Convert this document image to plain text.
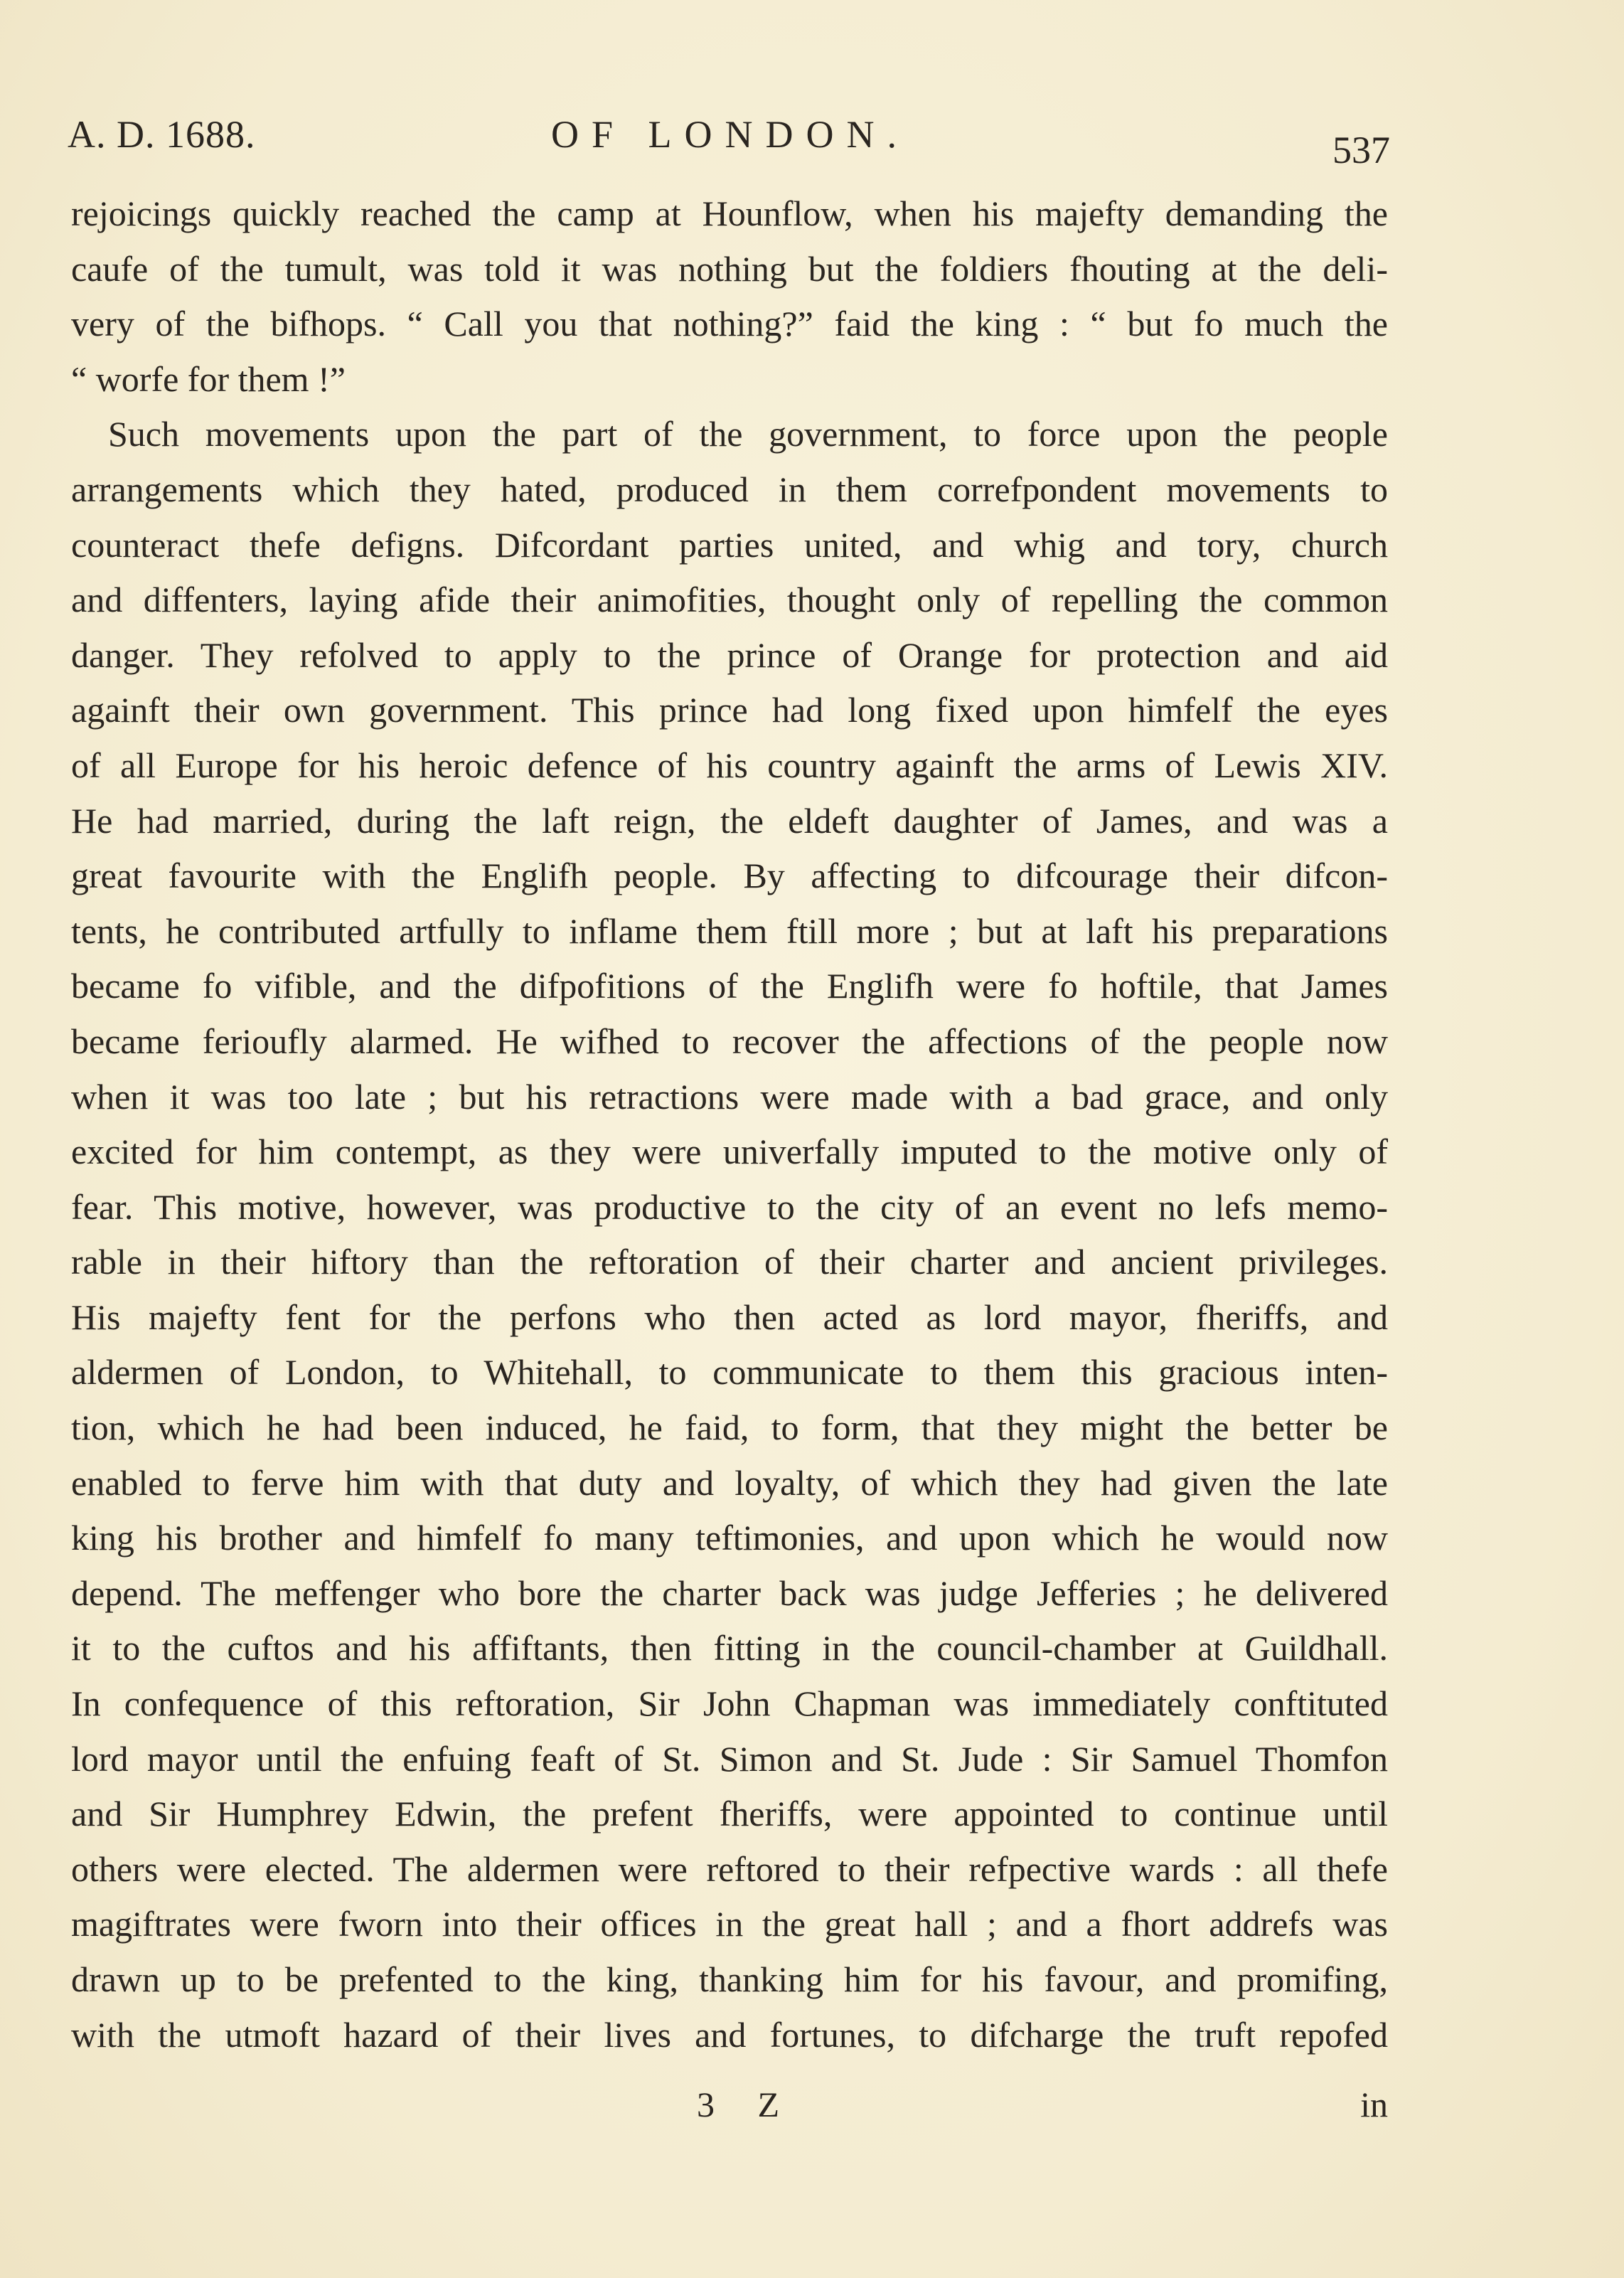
A. D. 1688.	OF LONDON.	537
rejoicings quickly reached the camp at Hounflow, when his majefty demanding the
caufe of the tumult, was told it was nothing but the foldiers fhouting at the deli-
very of the bifhops. “ Call you that nothing?” faid the king : “ but fo much the
“ worfe for them !”
Such movements upon the part of the government, to force upon the people
arrangements which they hated, produced in them correfpondent movements to
counteract thefe defigns. Difcordant parties united, and whig and tory, church
and diffenters, laying afide their animofities, thought only of repelling the common
danger. They refolved to apply to the prince of Orange for protection and aid
againft their own government. This prince had long fixed upon himfelf the eyes
of all Europe for his heroic defence of his country againft the arms of Lewis XIV.
He had married, during the laft reign, the eldeft daughter of James, and was a
great favourite with the Englifh people. By affecting to difcourage their difcon-
tents, he contributed artfully to inflame them ftill more ; but at laft his preparations
became fo vifible, and the difpofitions of the Englifh were fo hoftile, that James
became ferioufly alarmed. He wifhed to recover the affections of the people now
when it was too late ; but his retractions were made with a bad grace, and only
excited for him contempt, as they were univerfally imputed to the motive only of
fear. This motive, however, was productive to the city of an event no lefs memo-
rable in their hiftory than the reftoration of their charter and ancient privileges.
His majefty fent for the perfons who then acted as lord mayor, fheriffs, and
aldermen of London, to Whitehall, to communicate to them this gracious inten-
tion, which he had been induced, he faid, to form, that they might the better be
enabled to ferve him with that duty and loyalty, of which they had given the late
king his brother and himfelf fo many teftimonies, and upon which he would now
depend. The meffenger who bore the charter back was judge Jefferies ; he delivered
it to the cuftos and his affiftants, then fitting in the council-chamber at Guildhall.
In confequence of this reftoration, Sir John Chapman was immediately conftituted
lord mayor until the enfuing feaft of St. Simon and St. Jude : Sir Samuel Thomfon
and Sir Humphrey Edwin, the prefent fheriffs, were appointed to continue until
others were elected. The aldermen were reftored to their refpective wards : all thefe
magiftrates were fworn into their offices in the great hall ; and a fhort addrefs was
drawn up to be prefented to the king, thanking him for his favour, and promifing,
with the utmoft hazard of their lives and fortunes, to difcharge the truft repofed
3 Z	in
